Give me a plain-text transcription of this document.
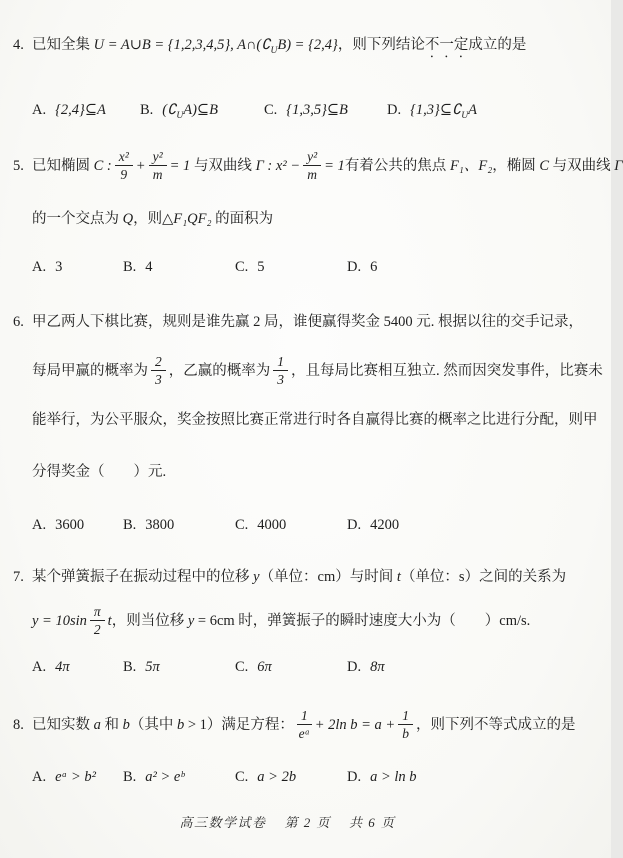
4. 已知全集 U = A∪B = {1,2,3,4,5}, $A\cap(∁_UB) = \{2,4\}$，则下列结论不一定成立的是
A. {2,4}⊆A	B. $(∁_UA)⊆B$	C. {1,3,5}⊆B	D. $\{1,3\}⊆∁_UA$
5. 已知椭圆 C : $\frac{\text{x²}}{9} + \frac{\text{y²}}{m} = 1$ 与双曲线 Γ : $x^2 - \frac{\text{y²}}{m} = 1$有着公共的焦点 F₁、F₂，椭圆 C 与双曲线 Γ
的一个交点为 Q，则△F₁QF₂ 的面积为
A. 3	B. 4	C. 5	D. 6
6. 甲乙两人下棋比赛，规则是谁先赢 2 局，谁便赢得奖金 5400 元. 根据以往的交手记录，
每局甲赢的概率为 $\frac{2}{3}$ ，乙赢的概率为 $\frac{1}{3}$ ，且每局比赛相互独立. 然而因突发事件，比赛未
能举行，为公平服众，奖金按照比赛正常进行时各自赢得比赛的概率之比进行分配，则甲
分得奖金（　　）元.
A. 3600	B. 3800	C. 4000	D. 4200
7. 某个弹簧振子在振动过程中的位移 y（单位：cm）与时间 t（单位：s）之间的关系为
$y = 10\sin \frac{\pi}{2}$ t，则当位移 y = 6cm 时，弹簧振子的瞬时速度大小为（　　）cm/s.
A. 4π	B. 5π	C. 6π	D. 8π
8. 已知实数 a 和 b（其中 b > 1）满足方程： $\frac{1}{\text{eᵃ}} + 2\ln$ $b = a + \frac{1}{b}$ ，则下列不等式成立的是
A. eᵃ > b²	B. a² > eᵇ	C. a > 2b	D. a > ln b
高三数学试卷 第 2 页 共 6 页
